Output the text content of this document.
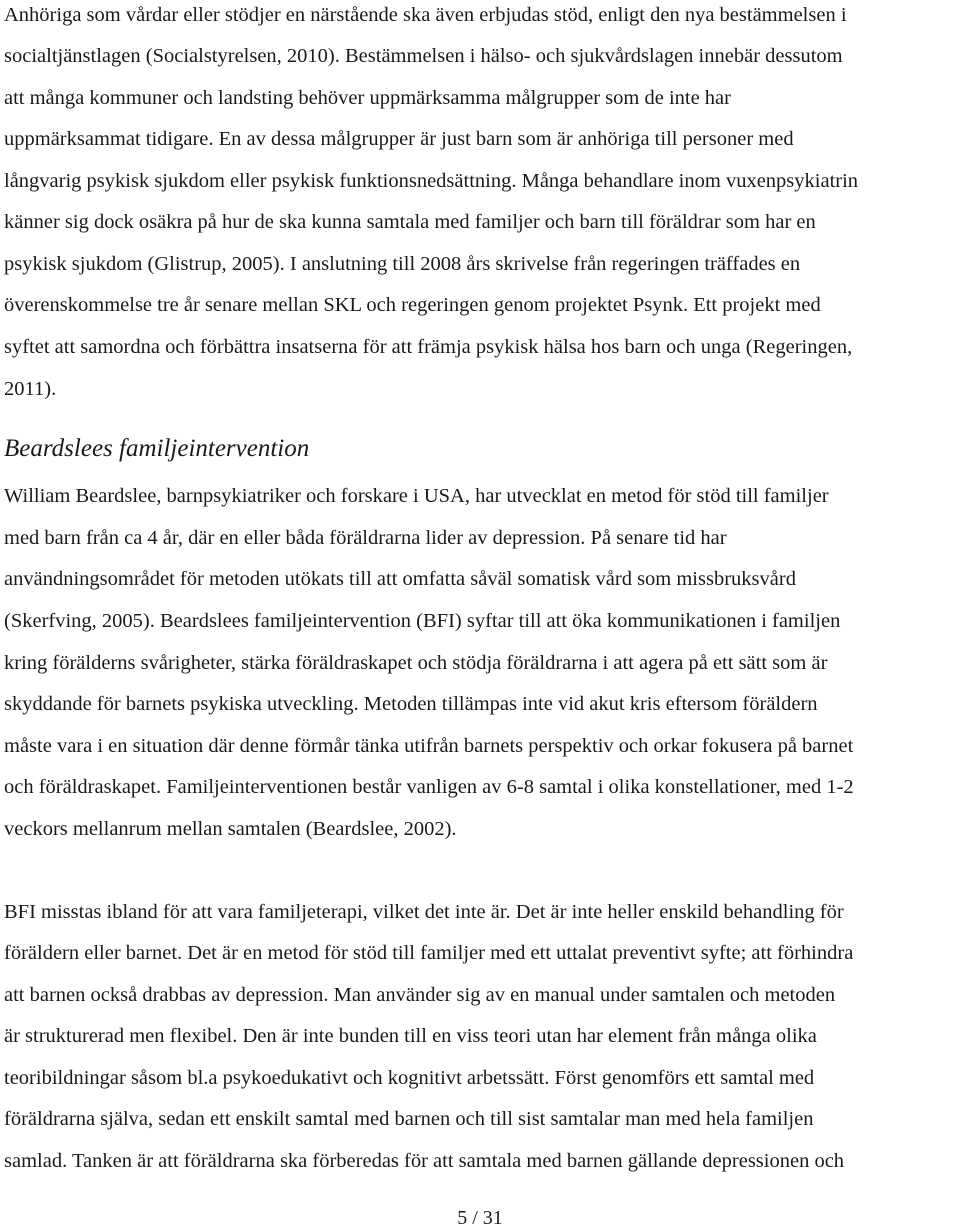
Anhöriga som vårdar eller stödjer en närstående ska även erbjudas stöd, enligt den nya bestämmelsen i
socialtjänstlagen (Socialstyrelsen, 2010). Bestämmelsen i hälso- och sjukvårdslagen innebär dessutom
att många kommuner och landsting behöver uppmärksamma målgrupper som de inte har
uppmärksammat tidigare. En av dessa målgrupper är just barn som är anhöriga till personer med
långvarig psykisk sjukdom eller psykisk funktionsnedsättning. Många behandlare inom vuxenpsykiatrin
känner sig dock osäkra på hur de ska kunna samtala med familjer och barn till föräldrar som har en
psykisk sjukdom (Glistrup, 2005). I anslutning till 2008 års skrivelse från regeringen träffades en
överenskommelse tre år senare mellan SKL och regeringen genom projektet Psynk. Ett projekt med
syftet att samordna och förbättra insatserna för att främja psykisk hälsa hos barn och unga (Regeringen,
2011).
Beardslees familjeintervention
William Beardslee, barnpsykiatriker och forskare i USA, har utvecklat en metod för stöd till familjer
med barn från ca 4 år, där en eller båda föräldrarna lider av depression. På senare tid har
användningsområdet för metoden utökats till att omfatta såväl somatisk vård som missbruksvård
(Skerfving, 2005). Beardslees familjeintervention (BFI) syftar till att öka kommunikationen i familjen
kring förälderns svårigheter, stärka föräldraskapet och stödja föräldrarna i att agera på ett sätt som är
skyddande för barnets psykiska utveckling. Metoden tillämpas inte vid akut kris eftersom föräldern
måste vara i en situation där denne förmår tänka utifrån barnets perspektiv och orkar fokusera på barnet
och föräldraskapet. Familjeinterventionen består vanligen av 6-8 samtal i olika konstellationer, med 1-2
veckors mellanrum mellan samtalen (Beardslee, 2002).
BFI misstas ibland för att vara familjeterapi, vilket det inte är. Det är inte heller enskild behandling för
föräldern eller barnet. Det är en metod för stöd till familjer med ett uttalat preventivt syfte; att förhindra
att barnen också drabbas av depression. Man använder sig av en manual under samtalen och metoden
är strukturerad men flexibel. Den är inte bunden till en viss teori utan har element från många olika
teoribildningar såsom bl.a psykoedukativt och kognitivt arbetssätt. Först genomförs ett samtal med
föräldrarna själva, sedan ett enskilt samtal med barnen och till sist samtalar man med hela familjen
samlad. Tanken är att föräldrarna ska förberedas för att samtala med barnen gällande depressionen och
5 / 31
